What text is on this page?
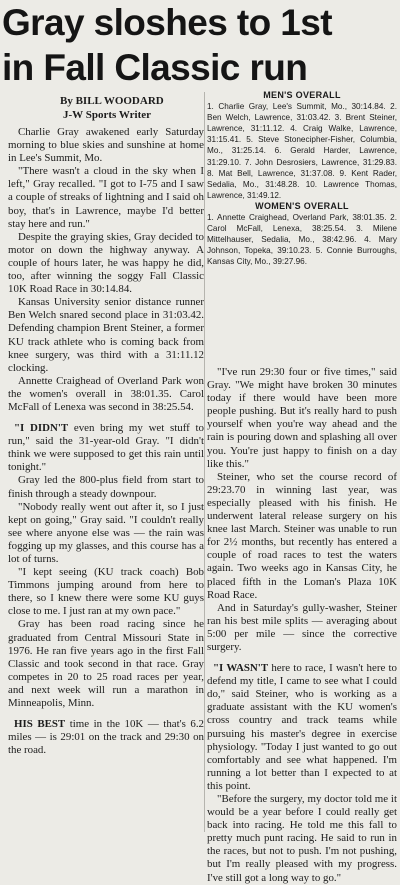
Gray sloshes to 1st
in Fall Classic run
By BILL WOODARD
J-W Sports Writer
MEN'S OVERALL

1. Charlie Gray, Lee's Summit, Mo., 30:14.84. 2. Ben Welch, Lawrence, 31:03.42. 3. Brent Steiner, Lawrence, 31:11.12. 4. Craig Walke, Lawrence, 31:15.41. 5. Steve Stonecipher-Fisher, Columbia, Mo., 31:25.14. 6. Gerald Harder, Lawrence, 31:29.10. 7. John Desrosiers, Lawrence, 31:29.83. 8. Mat Bell, Lawrence, 31:37.08. 9. Kent Rader, Sedalia, Mo., 31:48.28. 10. Lawrence Thomas, Lawrence, 31:49.12.

WOMEN'S OVERALL

1. Annette Craighead, Overland Park, 38:01.35. 2. Carol McFall, Lenexa, 38:25.54. 3. Milene Mittelhauser, Sedalia, Mo., 38:42.96. 4. Mary Johnson, Topeka, 39:10.23. 5. Connie Burroughs, Kansas City, Mo., 39:27.96.

Charlie Gray awakened early Saturday morning to blue skies and sunshine at home in Lee's Summit, Mo.

"There wasn't a cloud in the sky when I left," Gray recalled. "I got to I-75 and I saw a couple of streaks of lightning and I said oh boy, that's in Lawrence, maybe I'd better stay here and run."

Despite the graying skies, Gray decided to motor on down the highway anyway. A couple of hours later, he was happy he did, too, after winning the soggy Fall Classic 10K Road Race in 30:14.84.

Kansas University senior distance runner Ben Welch snared second place in 31:03.42. Defending champion Brent Steiner, a former KU track athlete who is coming back from knee surgery, was third with a 31:11.12 clocking.

Annette Craighead of Overland Park won the women's overall in 38:01.35. Carol McFall of Lenexa was second in 38:25.54.

"I DIDN'T even bring my wet stuff to run," said the 31-year-old Gray. "I didn't think we were supposed to get this rain until tonight."

Gray led the 800-plus field from start to finish through a steady downpour.

"Nobody really went out after it, so I just kept on going," Gray said. "I couldn't really see where anyone else was — the rain was fogging up my glasses, and this course has a lot of turns.

"I kept seeing (KU track coach) Bob Timmons jumping around from here to there, so I knew there were some KU guys close to me. I just ran at my own pace."

Gray has been road racing since he graduated from Central Missouri State in 1976. He ran five years ago in the first Fall Classic and took second in that race. Gray competes in 20 to 25 road races per year, and next week will run a marathon in Minneapolis, Minn.

HIS BEST time in the 10K — that's 6.2 miles — is 29:01 on the track and 29:30 on the road.

"I've run 29:30 four or five times," said Gray. "We might have broken 30 minutes today if there would have been more people pushing. But it's really hard to push yourself when you're way ahead and the rain is pouring down and splashing all over you. You're just happy to finish on a day like this."

Steiner, who set the course record of 29:23.70 in winning last year, was especially pleased with his finish. He underwent lateral release surgery on his knee last March. Steiner was unable to run for 2½ months, but recently has entered a couple of road races to test the waters again. Two weeks ago in Kansas City, he placed fifth in the Loman's Plaza 10K Road Race.

And in Saturday's gully-washer, Steiner ran his best mile splits — averaging about 5:00 per mile — since the corrective surgery.

"I WASN'T here to race, I wasn't here to defend my title, I came to see what I could do," said Steiner, who is working as a graduate assistant with the KU women's cross country and track teams while pursuing his master's degree in exercise physiology. "Today I just wanted to go out comfortably and see what happened. I'm running a lot better than I expected to at this point.

"Before the surgery, my doctor told me it would be a year before I could really get back into racing. He told me this fall to pretty much punt racing. He said to run in the races, but not to push. I'm not pushing, but I'm really pleased with my progress. I've still got a long way to go."
